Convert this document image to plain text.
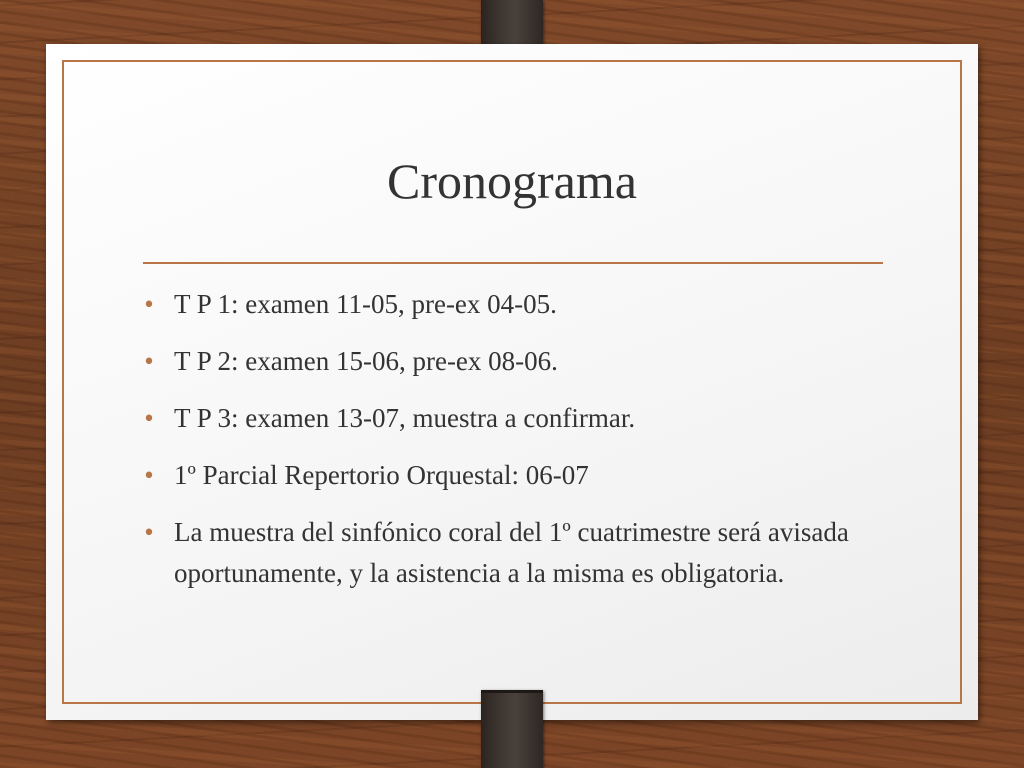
Cronograma
• T P 1: examen 11-05, pre-ex 04-05.
• T P 2: examen 15-06, pre-ex 08-06.
• T P 3: examen 13-07, muestra a confirmar.
• 1º Parcial Repertorio Orquestal: 06-07
• La muestra del sinfónico coral del 1º cuatrimestre será avisada oportunamente, y la asistencia a la misma es obligatoria.
